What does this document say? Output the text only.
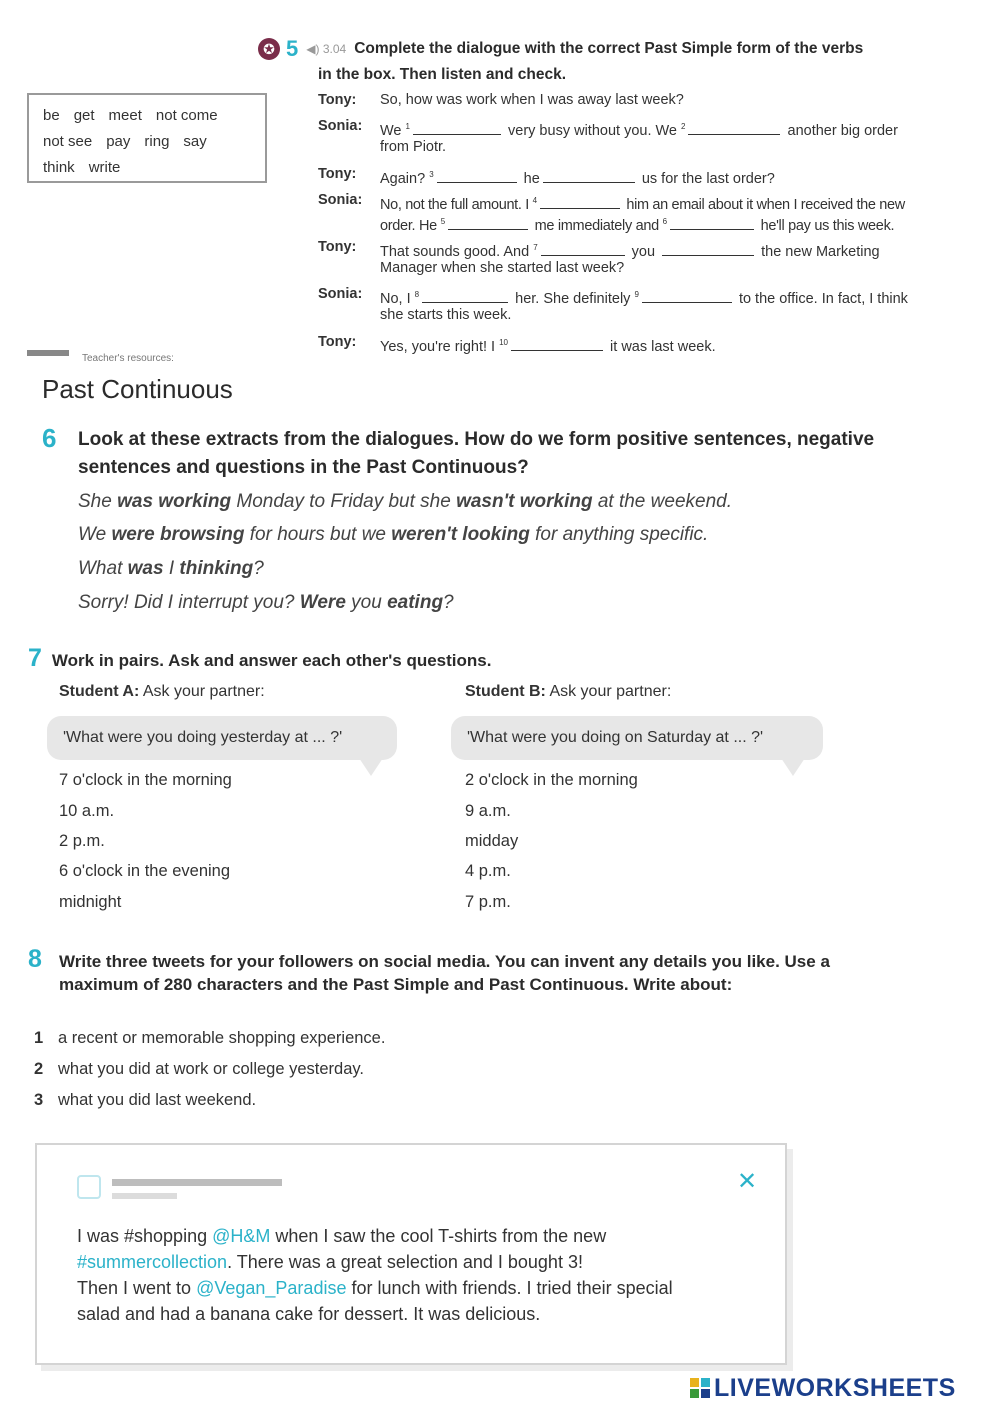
✪ 5 ◀) 3.04 Complete the dialogue with the correct Past Simple form of the verbs
in the box. Then listen and check.
be get meet not come
not see pay ring say
think write
Tony: So, how was work when I was away last week?
Sonia: We $^1$	very busy without you. We $^2$	another big order
from Piotr.
Tony: Again? $^3$	he	us for the last order?
Sonia: No, not the full amount. I $^4$	him an email about it when I received the new
order. He $^5$	me immediately and $^6$	he'll pay us this week.
Tony: That sounds good. And $^7$	you	the new Marketing
Manager when she started last week?
Sonia: No, I $^8$	her. She definitely $^9$	to the office. In fact, I think
she starts this week.
Tony: Yes, you're right! I $^{10}$	it was last week.
Teacher's resources:
Past Continuous
6 Look at these extracts from the dialogues. How do we form positive sentences, negative sentences and questions in the Past Continuous?
She was working Monday to Friday but she wasn't working at the weekend.
We were browsing for hours but we weren't looking for anything specific.
What was I thinking?
Sorry! Did I interrupt you? Were you eating?
7 Work in pairs. Ask and answer each other's questions.
Student A: Ask your partner:	Student B: Ask your partner:
'What were you doing yesterday at ... ?'	'What were you doing on Saturday at ... ?'
7 o'clock in the morning
10 a.m.
2 p.m.
6 o'clock in the evening
midnight
2 o'clock in the morning
9 a.m.
midday
4 p.m.
7 p.m.
8 Write three tweets for your followers on social media. You can invent any details you like. Use a maximum of 280 characters and the Past Simple and Past Continuous. Write about:
1 a recent or memorable shopping experience.
2 what you did at work or college yesterday.
3 what you did last weekend.
✕

I was #shopping @H&M when I saw the cool T-shirts from the new

#summercollection. There was a great selection and I bought 3!

Then I went to @Vegan_Paradise for lunch with friends. I tried their special

salad and had a banana cake for dessert. It was delicious.

LIVEWORKSHEETS
